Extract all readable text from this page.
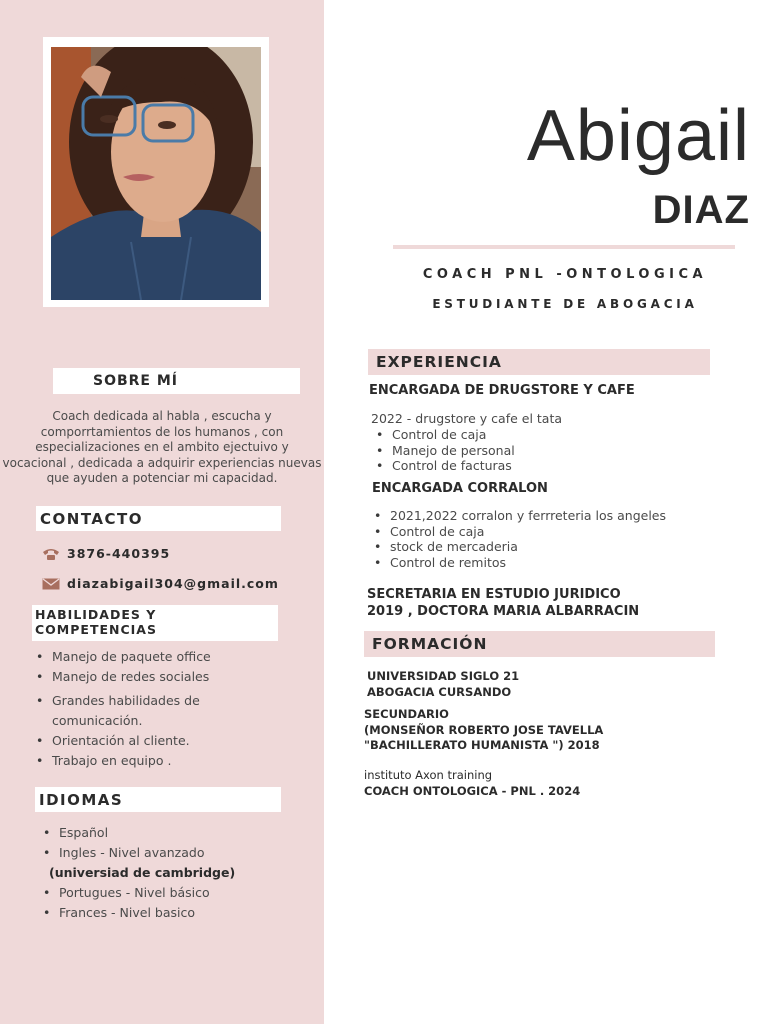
SOBRE MÍ

Coach dedicada al habla , escucha y comporrtamientos de los humanos , con especializaciones en el ambito ejectuivo y vocacional , dedicada a adquirir experiencias nuevas que ayuden a potenciar mi capacidad.

CONTACTO
3876-440395
diazabigail304@gmail.com
HABILIDADES Y COMPETENCIAS
• Manejo de paquete office
• Manejo de redes sociales
• Grandes habilidades de comunicación.
• Orientación al cliente.
• Trabajo en equipo .
IDIOMAS
• Español
• Ingles - Nivel avanzado
(universiad de cambridge)
• Portugues - Nivel básico
• Frances - Nivel basico
Abigail
DIAZ
COACH PNL -ONTOLOGICA
ESTUDIANTE DE ABOGACIA
EXPERIENCIA
ENCARGADA DE DRUGSTORE Y CAFE
2022 - drugstore y cafe el tata
• Control de caja
• Manejo de personal
• Control de facturas
ENCARGADA CORRALON
• 2021,2022 corralon y ferrreteria los angeles
• Control de caja
• stock de mercaderia
• Control de remitos
SECRETARIA EN ESTUDIO JURIDICO
2019 , DOCTORA MARIA ALBARRACIN
FORMACIÓN
UNIVERSIDAD SIGLO 21
ABOGACIA CURSANDO
SECUNDARIO
(MONSEÑOR ROBERTO JOSE TAVELLA
"BACHILLERATO HUMANISTA ") 2018
instituto Axon training
COACH ONTOLOGICA - PNL . 2024
